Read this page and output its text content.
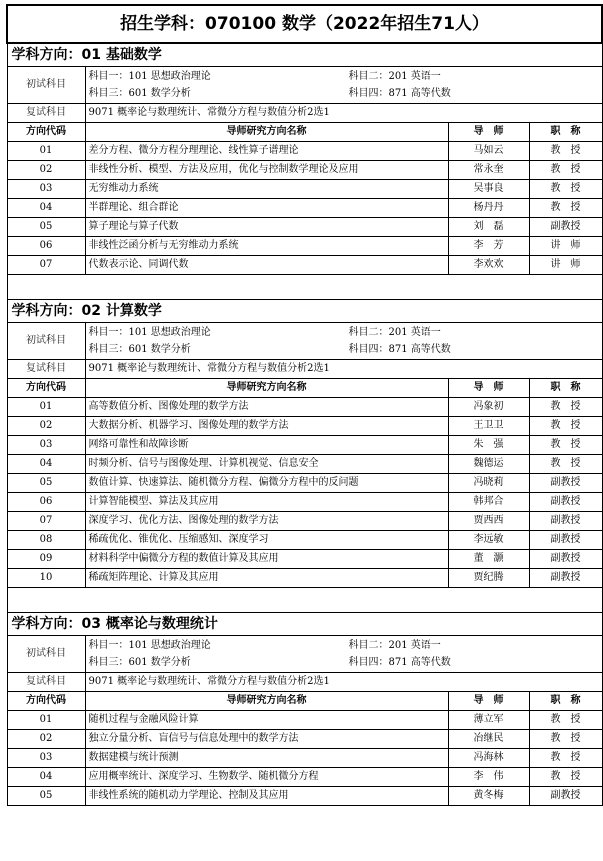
招生学科：070100 数学（2022年招生71人）			
学科方向：01 基础数学			
初试科目	科目一：101 思想政治理论 科目二：201 英语一
科目三：601 数学分析 科目四：871 高等代数		

复试科目	9071 概率论与数理统计、常微分方程与数值分析2选1		
方向代码	导师研究方向名称	导　师	职　称
01	差分方程、微分方程分理理论、线性算子谱理论	马如云	教　授
02	非线性分析、模型、方法及应用，优化与控制数学理论及应用	常永奎	教　授
03	无穷维动力系统	吴事良	教　授
04	半群理论、组合群论	杨丹丹	教　授
05	算子理论与算子代数	刘　磊	副教授
06	非线性泛函分析与无穷维动力系统	李　芳	讲　师
07	代数表示论、同调代数	李欢欢	讲　师

学科方向：02 计算数学			
初试科目	科目一：101 思想政治理论 科目二：201 英语一
科目三：601 数学分析 科目四：871 高等代数		

复试科目	9071 概率论与数理统计、常微分方程与数值分析2选1		
方向代码	导师研究方向名称	导　师	职　称
01	高等数值分析、图像处理的数学方法	冯象初	教　授
02	大数据分析、机器学习、图像处理的数学方法	王卫卫	教　授
03	网络可靠性和故障诊断	朱　强	教　授
04	时频分析、信号与图像处理、计算机视觉、信息安全	魏德运	教　授
05	数值计算、快速算法、随机微分方程、偏微分方程中的反问题	冯晓莉	副教授
06	计算智能模型、算法及其应用	韩邦合	副教授
07	深度学习、优化方法、图像处理的数学方法	贾西西	副教授
08	稀疏优化、锥优化、压缩感知、深度学习	李远敏	副教授
09	材料科学中偏微分方程的数值计算及其应用	董　灏	副教授
10	稀疏矩阵理论、计算及其应用	贾纪腾	副教授

学科方向：03 概率论与数理统计			
初试科目	科目一：101 思想政治理论 科目二：201 英语一
科目三：601 数学分析 科目四：871 高等代数		

复试科目	9071 概率论与数理统计、常微分方程与数值分析2选1		
方向代码	导师研究方向名称	导　师	职　称
01	随机过程与金融风险计算	薄立军	教　授
02	独立分量分析、盲信号与信息处理中的数学方法	冶继民	教　授
03	数据建模与统计预测	冯海林	教　授
04	应用概率统计、深度学习、生物数学、随机微分方程	李　伟	教　授
05	非线性系统的随机动力学理论、控制及其应用	黄冬梅	副教授
